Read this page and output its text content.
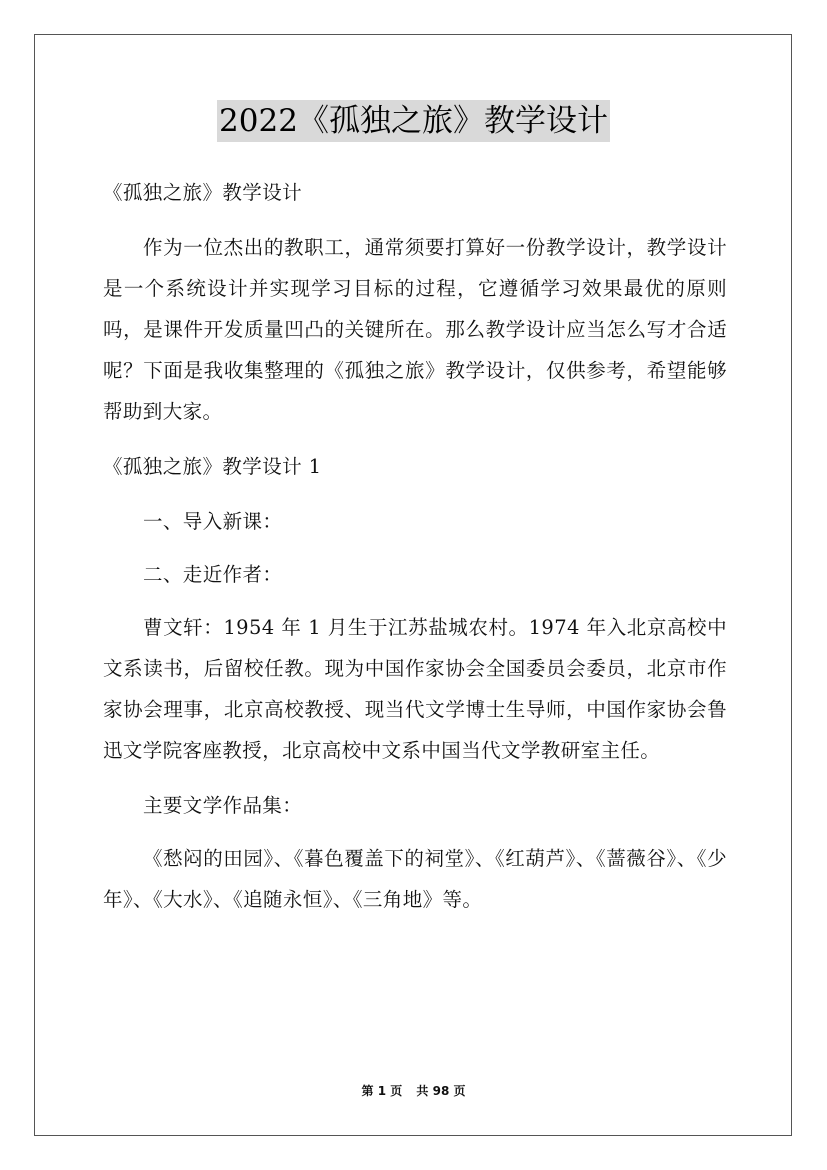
2022《孤独之旅》教学设计

《孤独之旅》教学设计

作为一位杰出的教职工，通常须要打算好一份教学设计，教学设计是一个系统设计并实现学习目标的过程，它遵循学习效果最优的原则吗，是课件开发质量凹凸的关键所在。那么教学设计应当怎么写才合适呢？下面是我收集整理的《孤独之旅》教学设计，仅供参考，希望能够帮助到大家。

《孤独之旅》教学设计 1

一、导入新课：

二、走近作者：

曹文轩：1954 年 1 月生于江苏盐城农村。1974 年入北京高校中文系读书，后留校任教。现为中国作家协会全国委员会委员，北京市作家协会理事，北京高校教授、现当代文学博士生导师，中国作家协会鲁迅文学院客座教授，北京高校中文系中国当代文学教研室主任。

主要文学作品集：

《愁闷的田园》、《暮色覆盖下的祠堂》、《红葫芦》、《蔷薇谷》、《少年》、《大水》、《追随永恒》、《三角地》等。

第 1 页 共 98 页
